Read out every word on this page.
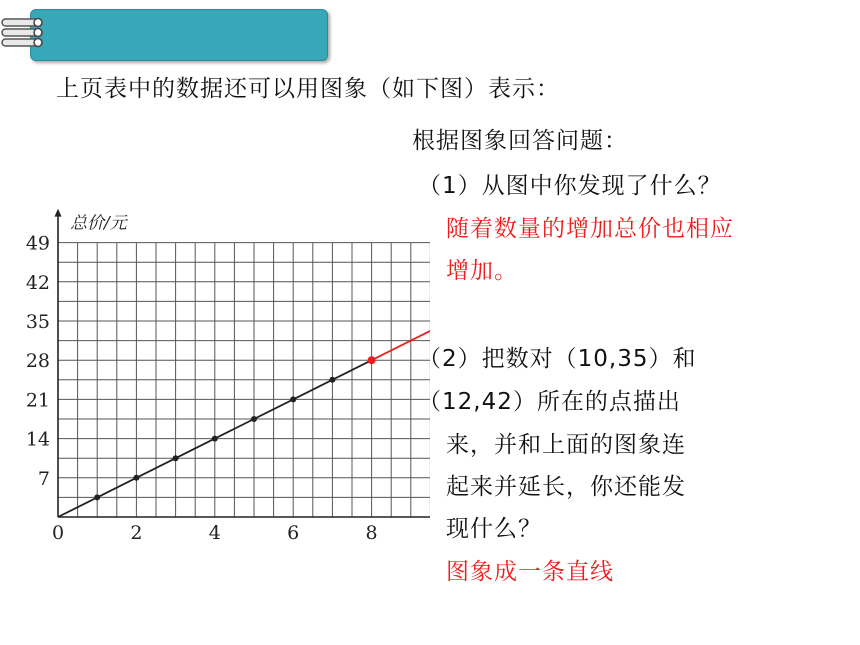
上页表中的数据还可以用图象（如下图）表示：
根据图象回答问题：
（1）从图中你发现了什么？
随着数量的增加总价也相应
增加。
（2）把数对（10,35）和
（12,42）所在的点描出
来，并和上面的图象连
起来并延长，你还能发
现什么？
图象成一条直线
0	2	4	6	8
7
14
21
28
35
42
49
总价/元
